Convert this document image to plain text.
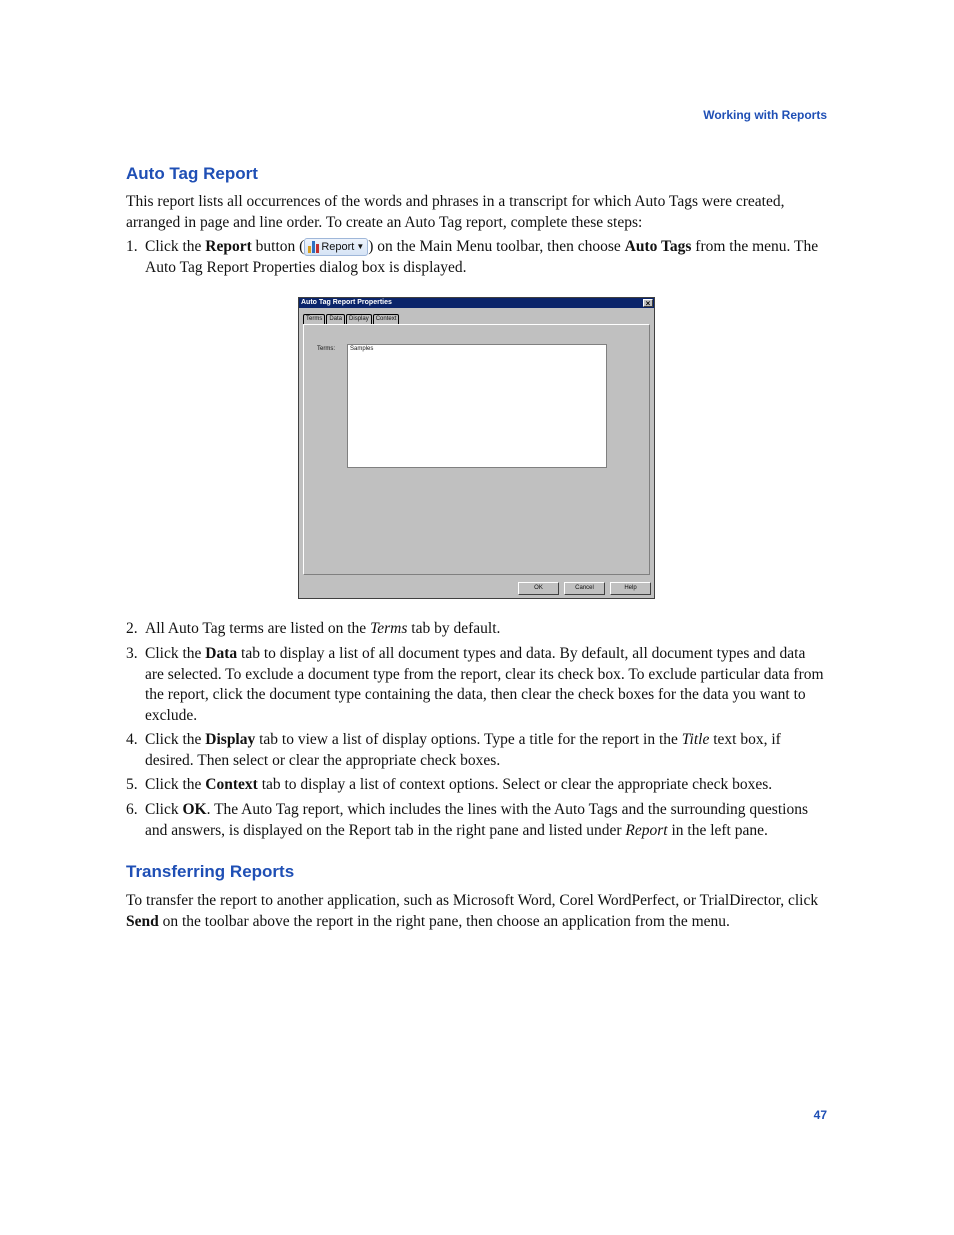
Working with Reports
Auto Tag Report

This report lists all occurrences of the words and phrases in a transcript for which Auto Tags were created, arranged in page and line order. To create an Auto Tag report, complete these steps:

1. Click the Report button ( Report ▼ ) on the Main Menu toolbar, then choose Auto Tags from the menu. The Auto Tag Report Properties dialog box is displayed.
Auto Tag Report Properties	×
Terms	Data	Display	Context
Terms:	Samples
OK	Cancel	Help
2. All Auto Tag terms are listed on the Terms tab by default.
3. Click the Data tab to display a list of all document types and data. By default, all document types and data are selected. To exclude a document type from the report, clear its check box. To exclude particular data from the report, click the document type containing the data, then clear the check boxes for the data you want to exclude.
4. Click the Display tab to view a list of display options. Type a title for the report in the Title text box, if desired. Then select or clear the appropriate check boxes.
5. Click the Context tab to display a list of context options. Select or clear the appropriate check boxes.
6. Click OK. The Auto Tag report, which includes the lines with the Auto Tags and the surrounding questions and answers, is displayed on the Report tab in the right pane and listed under Report in the left pane.
Transferring Reports

To transfer the report to another application, such as Microsoft Word, Corel WordPerfect, or TrialDirector, click Send on the toolbar above the report in the right pane, then choose an application from the menu.

47
